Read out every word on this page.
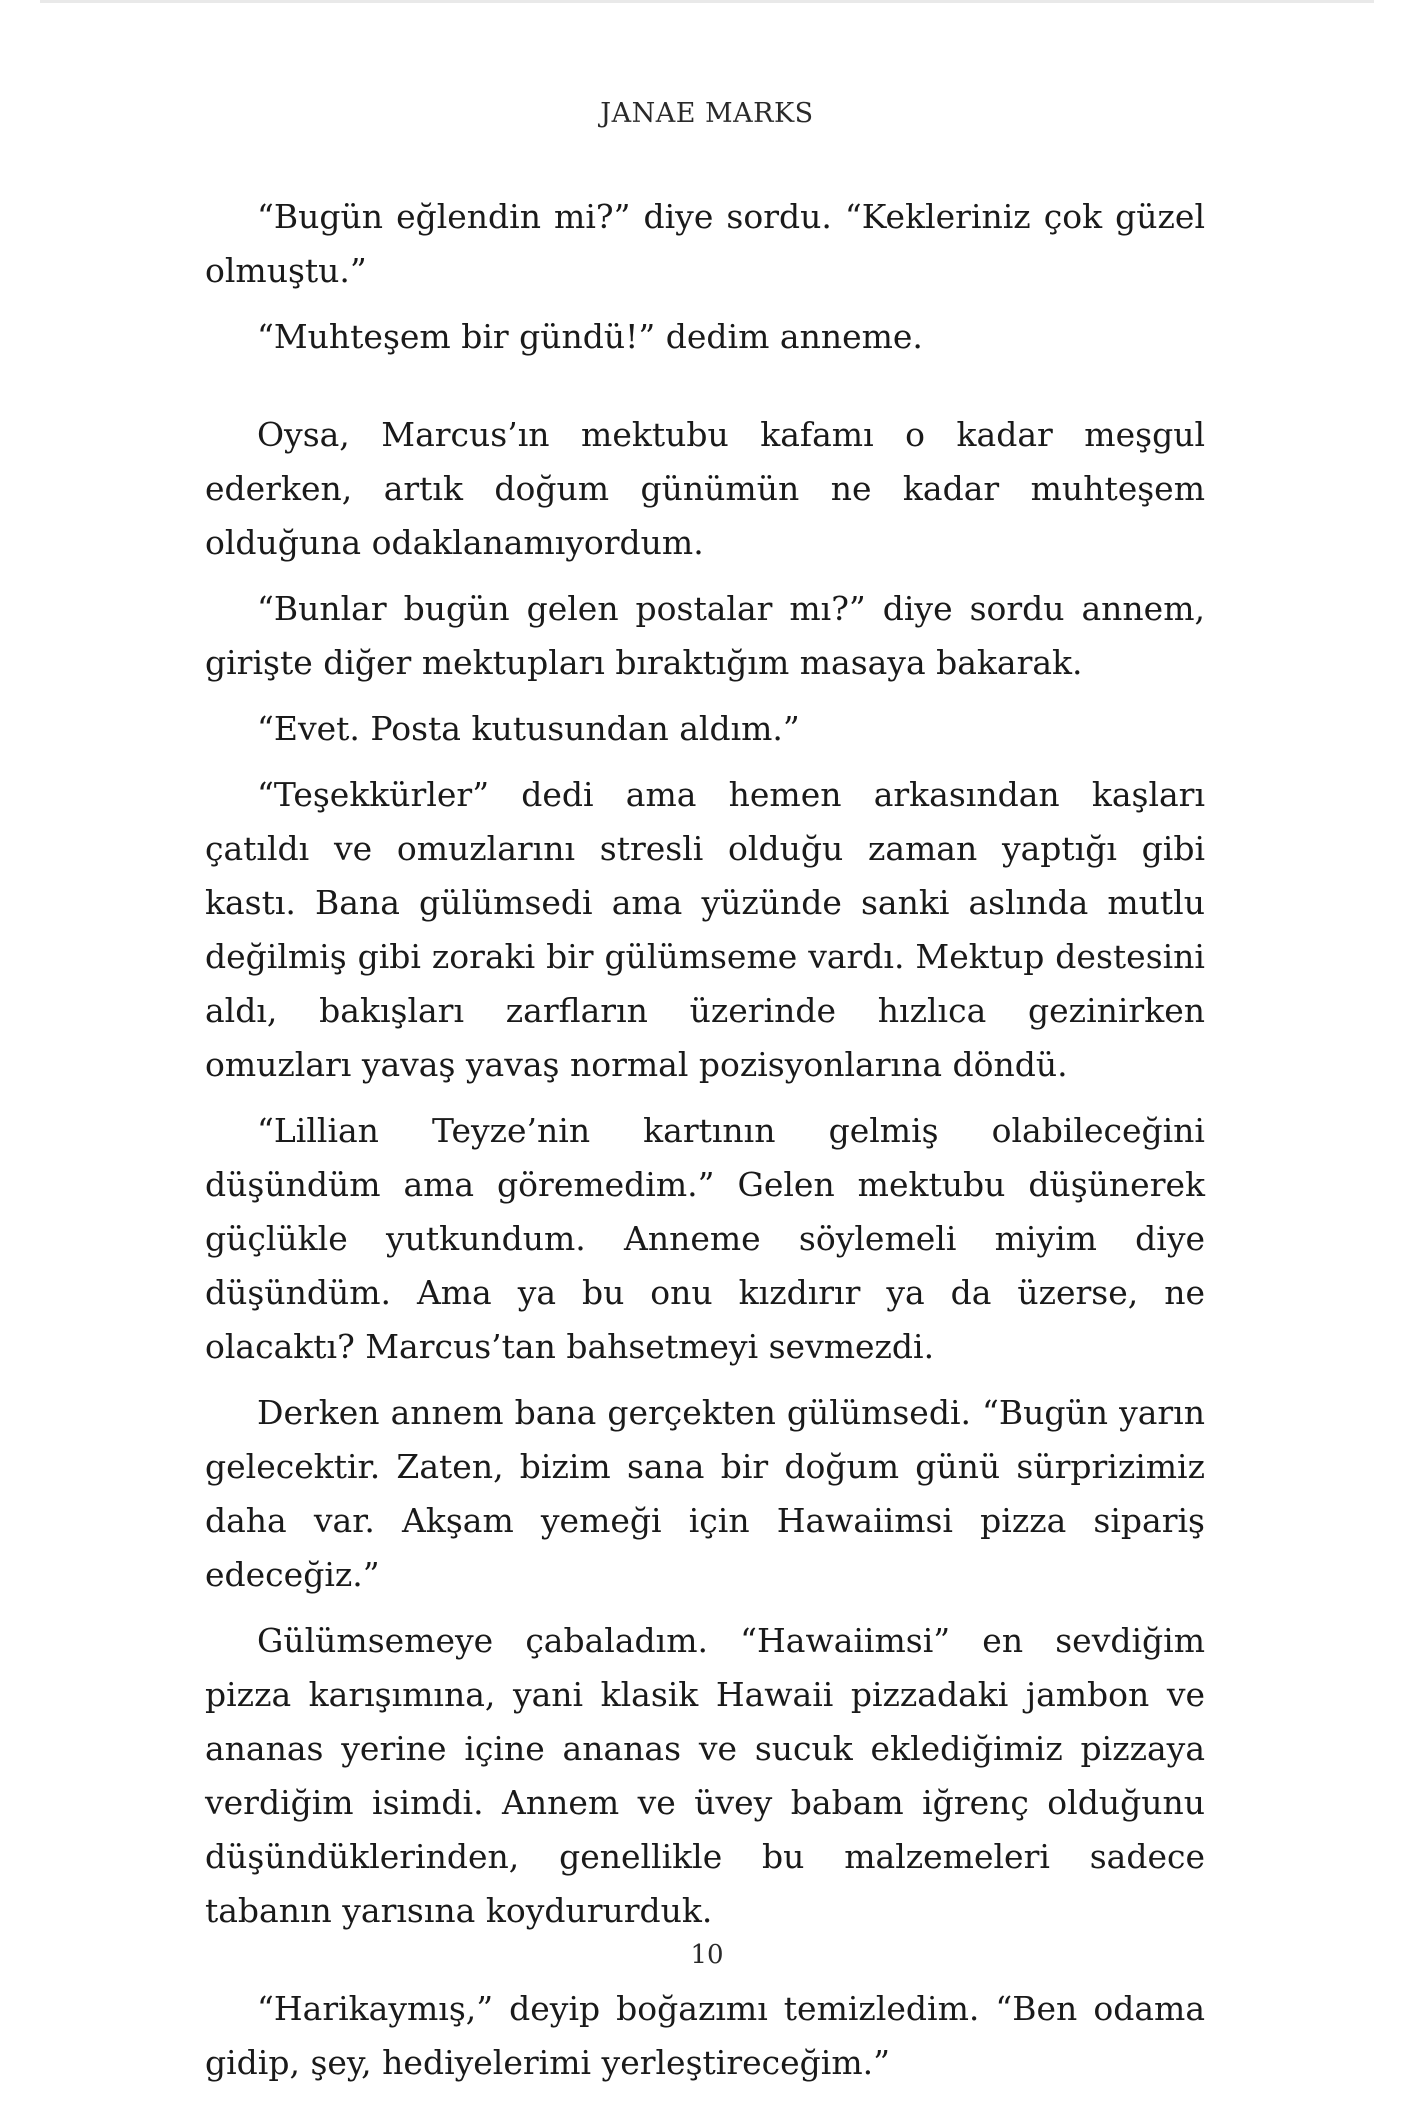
JANAE MARKS

“Bugün eğlendin mi?” diye sordu. “Kekleriniz çok güzel olmuştu.”

“Muhteşem bir gündü!” dedim anneme.

Oysa, Marcus’ın mektubu kafamı o kadar meşgul ederken, artık doğum günümün ne kadar muhteşem olduğuna odaklanamıyordum.

“Bunlar bugün gelen postalar mı?” diye sordu annem, girişte diğer mektupları bıraktığım masaya bakarak.

“Evet. Posta kutusundan aldım.”

“Teşekkürler” dedi ama hemen arkasından kaşları çatıldı ve omuzlarını stresli olduğu zaman yaptığı gibi kastı. Bana gülümsedi ama yüzünde sanki aslında mutlu değilmiş gibi zoraki bir gülümseme vardı. Mektup destesini aldı, bakışları zarfların üzerinde hızlıca gezinirken omuzları yavaş yavaş normal pozisyonlarına döndü.

“Lillian Teyze’nin kartının gelmiş olabileceğini düşündüm ama göremedim.” Gelen mektubu düşünerek güçlükle yutkundum. Anneme söylemeli miyim diye düşündüm. Ama ya bu onu kızdırır ya da üzerse, ne olacaktı? Marcus’tan bahsetmeyi sevmezdi.

Derken annem bana gerçekten gülümsedi. “Bugün yarın gelecektir. Zaten, bizim sana bir doğum günü sürprizimiz daha var. Akşam yemeği için Hawaiimsi pizza sipariş edeceğiz.”

Gülümsemeye çabaladım. “Hawaiimsi” en sevdiğim pizza karışımına, yani klasik Hawaii pizzadaki jambon ve ananas yerine içine ananas ve sucuk eklediğimiz pizzaya verdiğim isimdi. Annem ve üvey babam iğrenç olduğunu düşündüklerinden, genellikle bu malzemeleri sadece tabanın yarısına koydururduk.

“Harikaymış,” deyip boğazımı temizledim. “Ben odama gidip, şey, hediyelerimi yerleştireceğim.”

10
